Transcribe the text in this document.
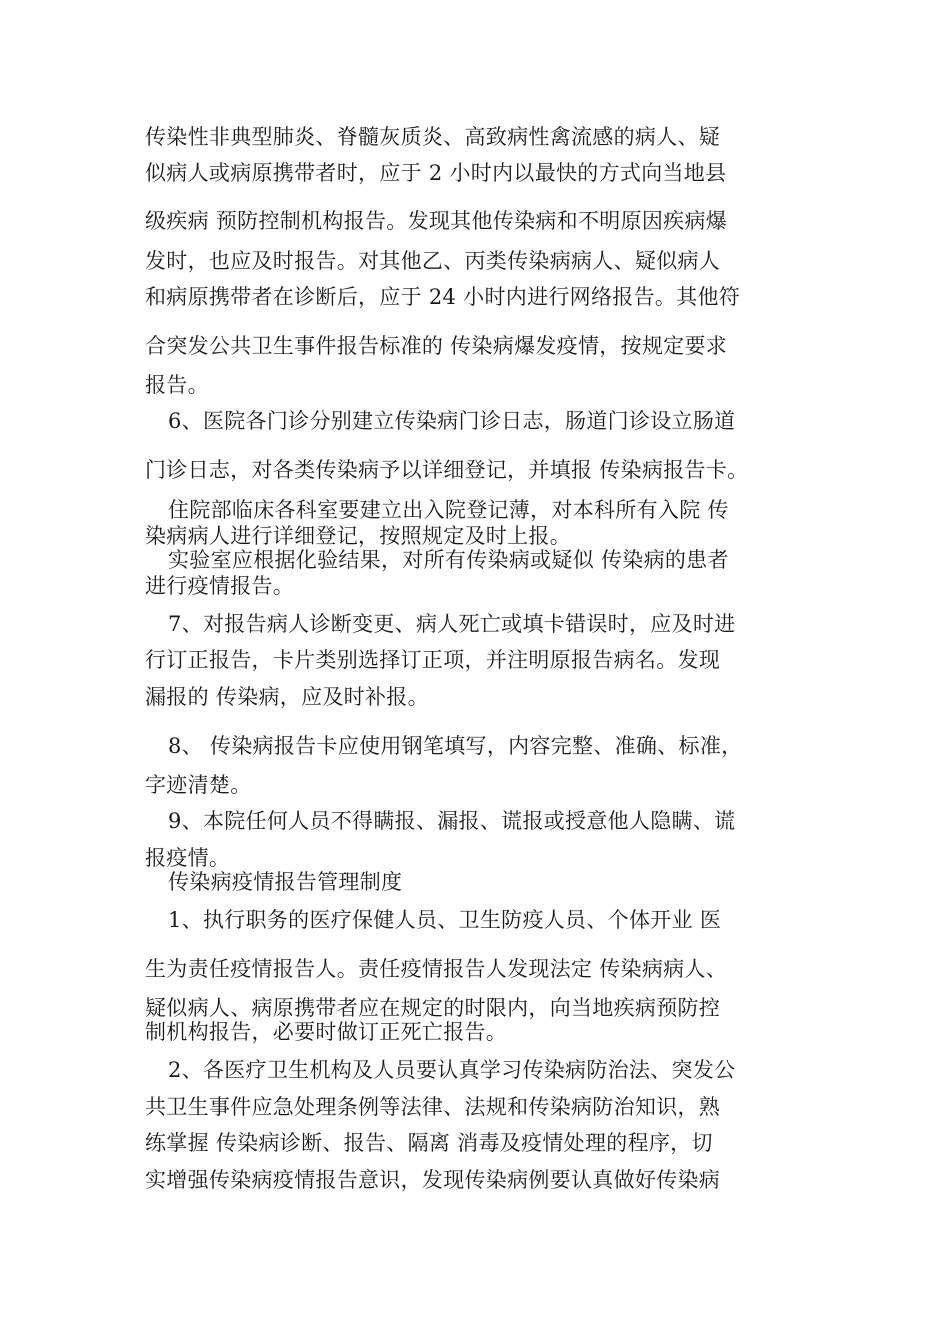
传染性非典型肺炎、脊髓灰质炎、高致病性禽流感的病人、疑
似病人或病原携带者时，应于 2 小时内以最快的方式向当地县
级疾病 预防控制机构报告。发现其他传染病和不明原因疾病爆
发时，也应及时报告。对其他乙、丙类传染病病人、疑似病人
和病原携带者在诊断后，应于 24 小时内进行网络报告。其他符
合突发公共卫生事件报告标准的 传染病爆发疫情，按规定要求
报告。
6、医院各门诊分别建立传染病门诊日志，肠道门诊设立肠道
门诊日志，对各类传染病予以详细登记，并填报 传染病报告卡。
住院部临床各科室要建立出入院登记薄，对本科所有入院 传
染病病人进行详细登记，按照规定及时上报。
实验室应根据化验结果，对所有传染病或疑似 传染病的患者
进行疫情报告。
7、对报告病人诊断变更、病人死亡或填卡错误时，应及时进
行订正报告，卡片类别选择订正项，并注明原报告病名。发现
漏报的 传染病，应及时补报。
8、 传染病报告卡应使用钢笔填写，内容完整、准确、标准，
字迹清楚。
9、本院任何人员不得瞒报、漏报、谎报或授意他人隐瞒、谎
报疫情。
传染病疫情报告管理制度
1、执行职务的医疗保健人员、卫生防疫人员、个体开业 医
生为责任疫情报告人。责任疫情报告人发现法定 传染病病人、
疑似病人、病原携带者应在规定的时限内，向当地疾病预防控
制机构报告，必要时做订正死亡报告。
2、各医疗卫生机构及人员要认真学习传染病防治法、突发公
共卫生事件应急处理条例等法律、法规和传染病防治知识，熟
练掌握 传染病诊断、报告、隔离 消毒及疫情处理的程序，切
实增强传染病疫情报告意识，发现传染病例要认真做好传染病
